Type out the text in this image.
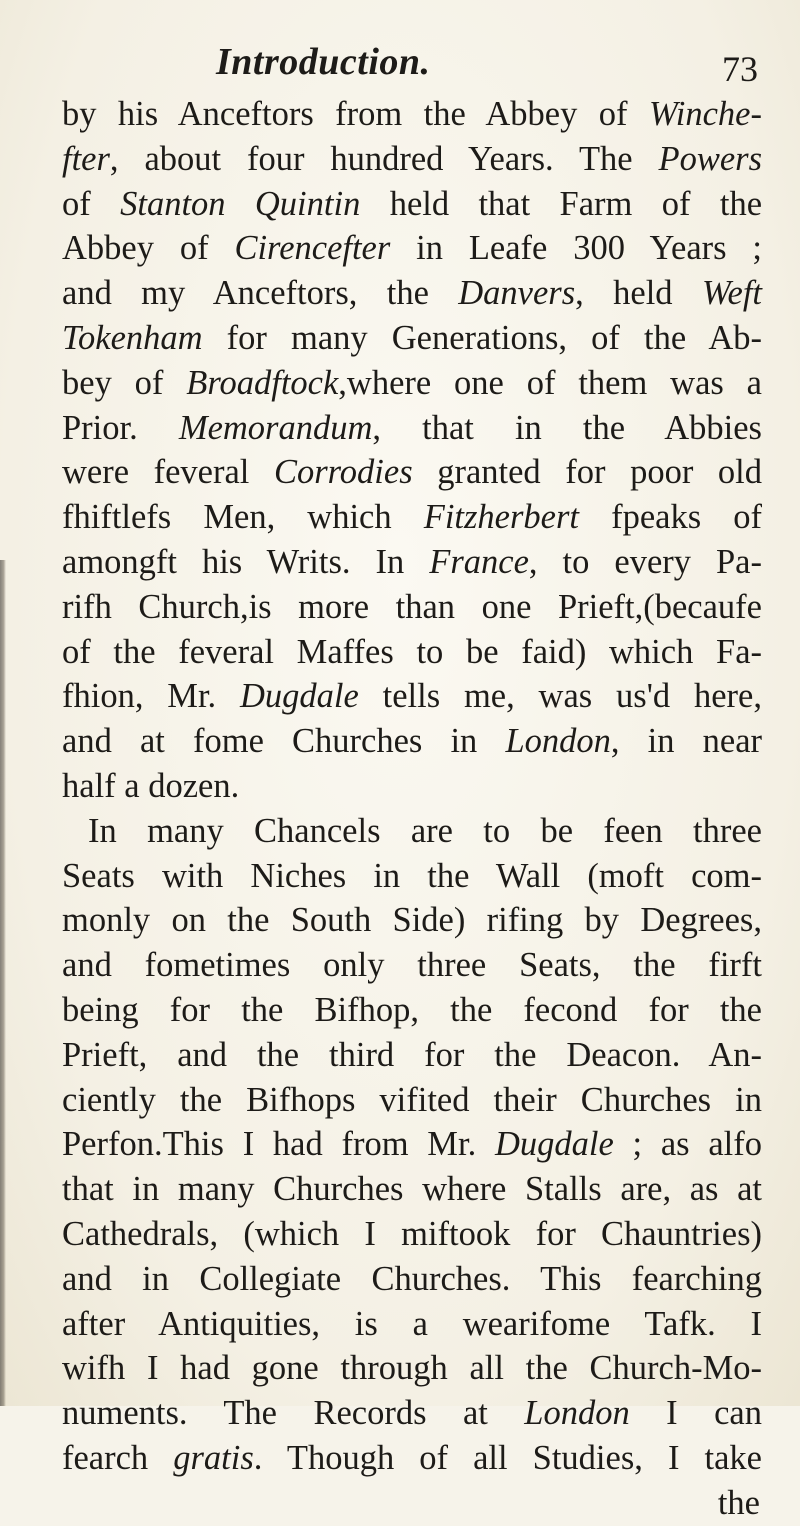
Introduction.	73
by his Anceftors from the Abbey of Winche-
fter, about four hundred Years. The Powers
of Stanton Quintin held that Farm of the
Abbey of Cirencefter in Leafe 300 Years ;
and my Anceftors, the Danvers, held Weft
Tokenham for many Generations, of the Ab-
bey of Broadftock,where one of them was a
Prior. Memorandum, that in the Abbies
were feveral Corrodies granted for poor old
fhiftlefs Men, which Fitzherbert fpeaks of
amongft his Writs. In France, to every Pa-
rifh Church,is more than one Prieft,(becaufe
of the feveral Maffes to be faid) which Fa-
fhion, Mr. Dugdale tells me, was us'd here,
and at fome Churches in London, in near
half a dozen.
In many Chancels are to be feen three
Seats with Niches in the Wall (moft com-
monly on the South Side) rifing by Degrees,
and fometimes only three Seats, the firft
being for the Bifhop, the fecond for the
Prieft, and the third for the Deacon. An-
ciently the Bifhops vifited their Churches in
Perfon.This I had from Mr. Dugdale ; as alfo
that in many Churches where Stalls are, as at
Cathedrals, (which I miftook for Chauntries)
and in Collegiate Churches. This fearching
after Antiquities, is a wearifome Tafk. I
wifh I had gone through all the Church-Mo-
numents. The Records at London I can
fearch gratis. Though of all Studies, I take
the
